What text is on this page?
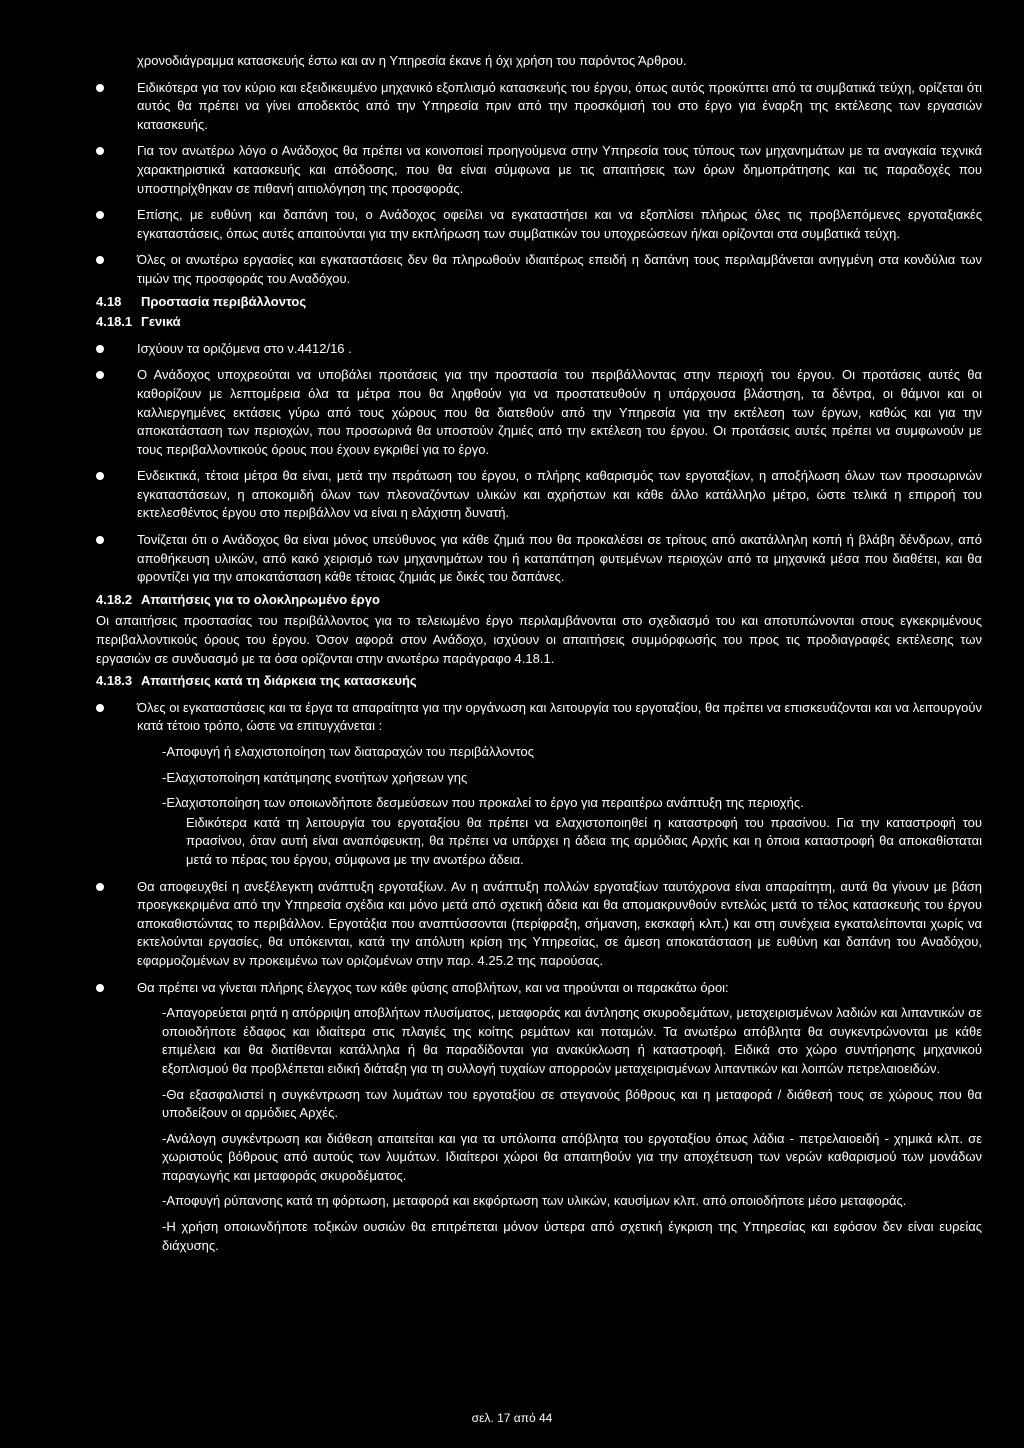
χρονοδιάγραμμα κατασκευής έστω και αν η Υπηρεσία έκανε ή όχι χρήση του παρόντος Άρθρου.

Ειδικότερα για τον κύριο και εξειδικευμένο μηχανικό εξοπλισμό κατασκευής του έργου, όπως αυτός προκύπτει από τα συμβατικά τεύχη, ορίζεται ότι αυτός θα πρέπει να γίνει αποδεκτός από την Υπηρεσία πριν από την προσκόμισή του στο έργο για έναρξη της εκτέλεσης των εργασιών κατασκευής.
Για τον ανωτέρω λόγο ο Ανάδοχος θα πρέπει να κοινοποιεί προηγούμενα στην Υπηρεσία τους τύπους των μηχανημάτων με τα αναγκαία τεχνικά χαρακτηριστικά κατασκευής και απόδοσης, που θα είναι σύμφωνα με τις απαιτήσεις των όρων δημοπράτησης και τις παραδοχές που υποστηρίχθηκαν σε πιθανή αιτιολόγηση της προσφοράς.
Επίσης, με ευθύνη και δαπάνη του, ο Ανάδοχος οφείλει να εγκαταστήσει και να εξοπλίσει πλήρως όλες τις προβλεπόμενες εργοταξιακές εγκαταστάσεις, όπως αυτές απαιτούνται για την εκπλήρωση των συμβατικών του υποχρεώσεων ή/και ορίζονται στα συμβατικά τεύχη.
Όλες οι ανωτέρω εργασίες και εγκαταστάσεις δεν θα πληρωθούν ιδιαιτέρως επειδή η δαπάνη τους περιλαμβάνεται ανηγμένη στα κονδύλια των τιμών της προσφοράς του Αναδόχου.
4.18 Προστασία περιβάλλοντος
4.18.1 Γενικά
Ισχύουν τα οριζόμενα στο ν.4412/16 .
Ο Ανάδοχος υποχρεούται να υποβάλει προτάσεις για την προστασία του περιβάλλοντας στην περιοχή του έργου. Οι προτάσεις αυτές θα καθορίζουν με λεπτομέρεια όλα τα μέτρα που θα ληφθούν για να προστατευθούν η υπάρχουσα βλάστηση, τα δέντρα, οι θάμνοι και οι καλλιεργημένες εκτάσεις γύρω από τους χώρους που θα διατεθούν από την Υπηρεσία για την εκτέλεση των έργων, καθώς και για την αποκατάσταση των περιοχών, που προσωρινά θα υποστούν ζημιές από την εκτέλεση του έργου. Οι προτάσεις αυτές πρέπει να συμφωνούν με τους περιβαλλοντικούς όρους που έχουν εγκριθεί για το έργο.
Ενδεικτικά, τέτοια μέτρα θα είναι, μετά την περάτωση του έργου, ο πλήρης καθαρισμός των εργοταξίων, η αποξήλωση όλων των προσωρινών εγκαταστάσεων, η αποκομιδή όλων των πλεοναζόντων υλικών και αχρήστων και κάθε άλλο κατάλληλο μέτρο, ώστε τελικά η επιρροή του εκτελεσθέντος έργου στο περιβάλλον να είναι η ελάχιστη δυνατή.
Τονίζεται ότι ο Ανάδοχος θα είναι μόνος υπεύθυνος για κάθε ζημιά που θα προκαλέσει σε τρίτους από ακατάλληλη κοπή ή βλάβη δένδρων, από αποθήκευση υλικών, από κακό χειρισμό των μηχανημάτων του ή καταπάτηση φυτεμένων περιοχών από τα μηχανικά μέσα που διαθέτει, και θα φροντίζει για την αποκατάσταση κάθε τέτοιας ζημιάς με δικές του δαπάνες.
4.18.2 Απαιτήσεις για το ολοκληρωμένο έργο

Οι απαιτήσεις προστασίας του περιβάλλοντος για το τελειωμένο έργο περιλαμβάνονται στο σχεδιασμό του και αποτυπώνονται στους εγκεκριμένους περιβαλλοντικούς όρους του έργου. Όσον αφορά στον Ανάδοχο, ισχύουν οι απαιτήσεις συμμόρφωσής του προς τις προδιαγραφές εκτέλεσης των εργασιών σε συνδυασμό με τα όσα ορίζονται στην ανωτέρω παράγραφο 4.18.1.

4.18.3 Απαιτήσεις κατά τη διάρκεια της κατασκευής
Όλες οι εγκαταστάσεις και τα έργα τα απαραίτητα για την οργάνωση και λειτουργία του εργοταξίου, θα πρέπει να επισκευάζονται και να λειτουργούν κατά τέτοιο τρόπο, ώστε να επιτυγχάνεται :
-Αποφυγή ή ελαχιστοποίηση των διαταραχών του περιβάλλοντος
-Ελαχιστοποίηση κατάτμησης ενοτήτων χρήσεων γης
-Ελαχιστοποίηση των οποιωνδήποτε δεσμεύσεων που προκαλεί το έργο για περαιτέρω ανάπτυξη της περιοχής.
Ειδικότερα κατά τη λειτουργία του εργοταξίου θα πρέπει να ελαχιστοποιηθεί η καταστροφή του πρασίνου. Για την καταστροφή του πρασίνου, όταν αυτή είναι αναπόφευκτη, θα πρέπει να υπάρχει η άδεια της αρμόδιας Αρχής και η όποια καταστροφή θα αποκαθίσταται μετά το πέρας του έργου, σύμφωνα με την ανωτέρω άδεια.
Θα αποφευχθεί η ανεξέλεγκτη ανάπτυξη εργοταξίων. Αν η ανάπτυξη πολλών εργοταξίων ταυτόχρονα είναι απαραίτητη, αυτά θα γίνουν με βάση προεγκεκριμένα από την Υπηρεσία σχέδια και μόνο μετά από σχετική άδεια και θα απομακρυνθούν εντελώς μετά το τέλος κατασκευής του έργου αποκαθιστώντας το περιβάλλον. Εργοτάξια που αναπτύσσονται (περίφραξη, σήμανση, εκσκαφή κλπ.) και στη συνέχεια εγκαταλείπονται χωρίς να εκτελούνται εργασίες, θα υπόκεινται, κατά την απόλυτη κρίση της Υπηρεσίας, σε άμεση αποκατάσταση με ευθύνη και δαπάνη του Αναδόχου, εφαρμοζομένων εν προκειμένω των οριζομένων στην παρ. 4.25.2 της παρούσας.
Θα πρέπει να γίνεται πλήρης έλεγχος των κάθε φύσης αποβλήτων, και να τηρούνται οι παρακάτω όροι:
-Απαγορεύεται ρητά η απόρριψη αποβλήτων πλυσίματος, μεταφοράς και άντλησης σκυροδεμάτων, μεταχειρισμένων λαδιών και λιπαντικών σε οποιοδήποτε έδαφος και ιδιαίτερα στις πλαγιές της κοίτης ρεμάτων και ποταμών. Τα ανωτέρω απόβλητα θα συγκεντρώνονται με κάθε επιμέλεια και θα διατίθενται κατάλληλα ή θα παραδίδονται για ανακύκλωση ή καταστροφή. Ειδικά στο χώρο συντήρησης μηχανικού εξοπλισμού θα προβλέπεται ειδική διάταξη για τη συλλογή τυχαίων απορροών μεταχειρισμένων λιπαντικών και λοιπών πετρελαιοειδών.
-Θα εξασφαλιστεί η συγκέντρωση των λυμάτων του εργοταξίου σε στεγανούς βόθρους και η μεταφορά / διάθεσή τους σε χώρους που θα υποδείξουν οι αρμόδιες Αρχές.
-Ανάλογη συγκέντρωση και διάθεση απαιτείται και για τα υπόλοιπα απόβλητα του εργοταξίου όπως λάδια - πετρελαιοειδή - χημικά κλπ. σε χωριστούς βόθρους από αυτούς των λυμάτων. Ιδιαίτεροι χώροι θα απαιτηθούν για την αποχέτευση των νερών καθαρισμού των μονάδων παραγωγής και μεταφοράς σκυροδέματος.
-Αποφυγή ρύπανσης κατά τη φόρτωση, μεταφορά και εκφόρτωση των υλικών, καυσίμων κλπ. από οποιοδήποτε μέσο μεταφοράς.
-Η χρήση οποιωνδήποτε τοξικών ουσιών θα επιτρέπεται μόνον ύστερα από σχετική έγκριση της Υπηρεσίας και εφόσον δεν είναι ευρείας διάχυσης.
σελ. 17 από 44
